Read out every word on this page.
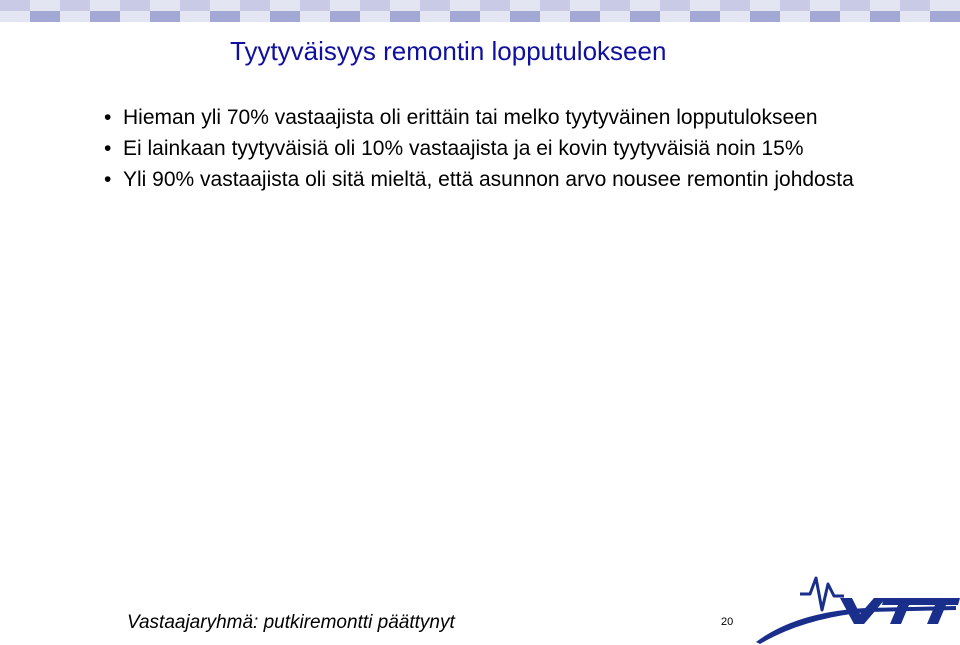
Tyytyväisyys remontin lopputulokseen
• Hieman yli 70% vastaajista oli erittäin tai melko tyytyväinen lopputulokseen
• Ei lainkaan tyytyväisiä oli 10% vastaajista ja ei kovin tyytyväisiä noin 15%
• Yli 90% vastaajista oli sitä mieltä, että asunnon arvo nousee remontin johdosta
Vastaajaryhmä: putkiremontti päättynyt	20
